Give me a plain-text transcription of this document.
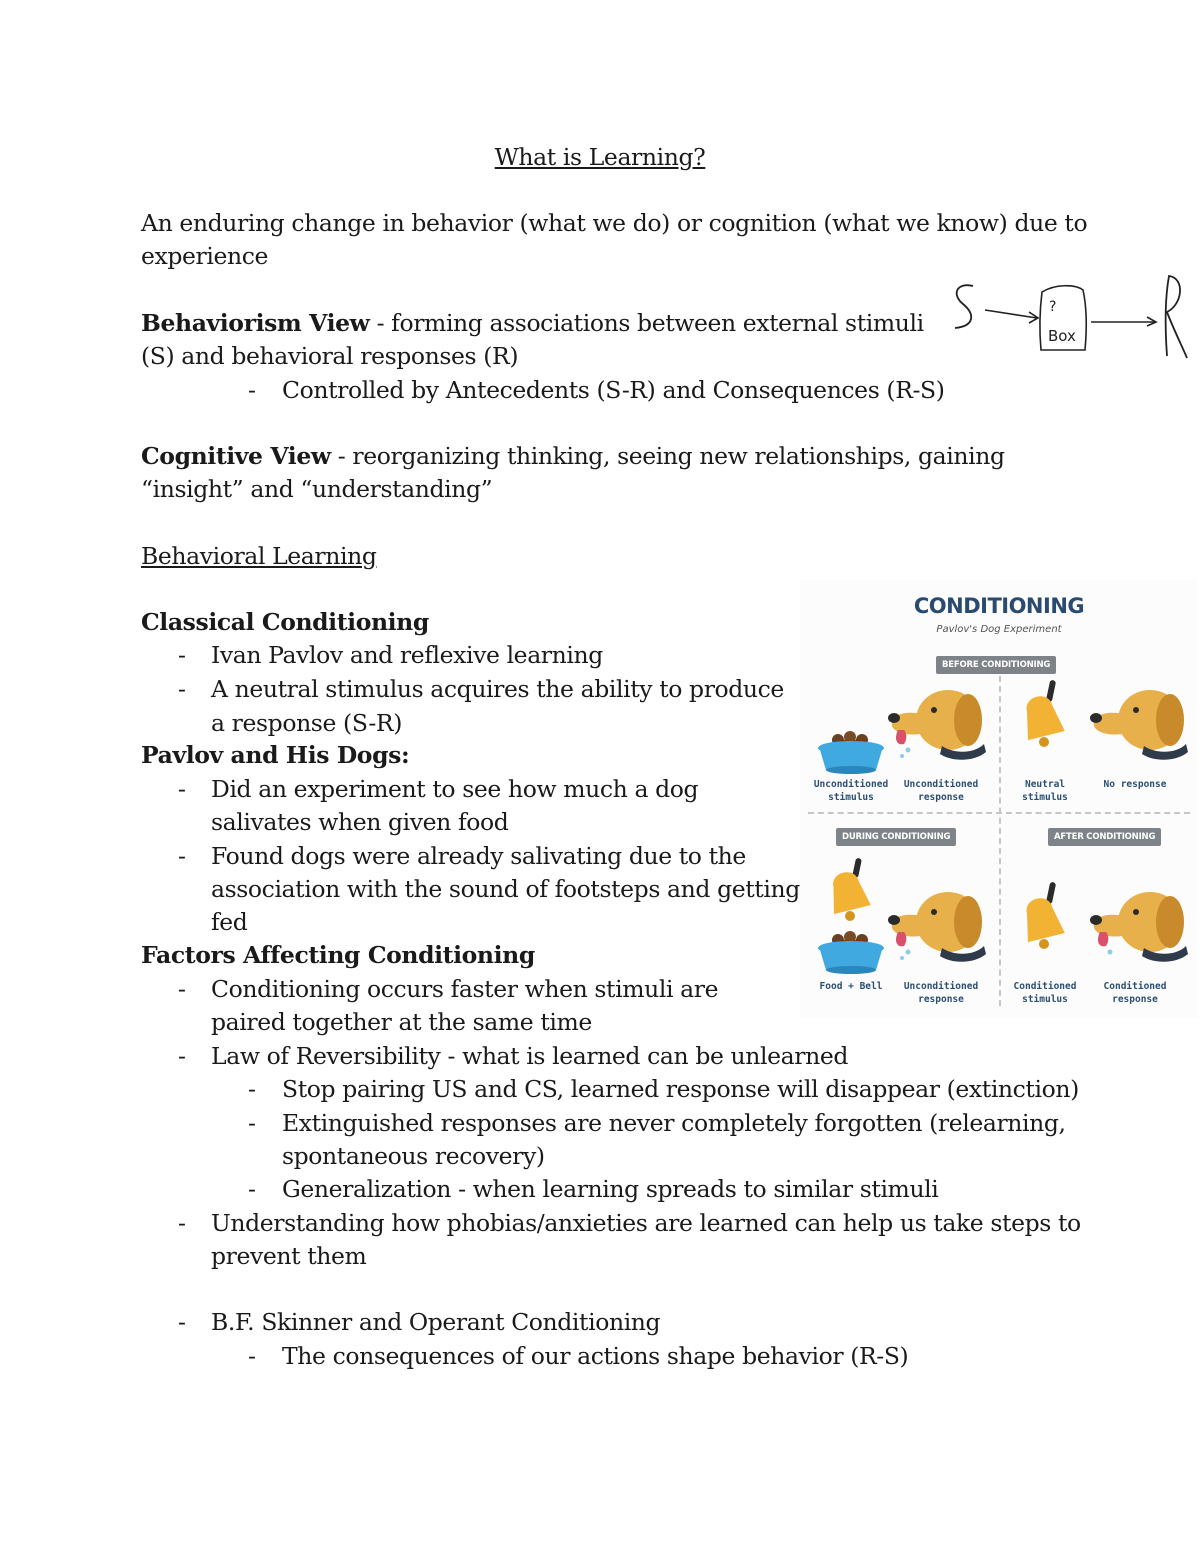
What is Learning?
An enduring change in behavior (what we do) or cognition (what we know) due to
experience
Behaviorism View - forming associations between external stimuli
(S) and behavioral responses (R)
- Controlled by Antecedents (S-R) and Consequences (R-S)
?
Box
Cognitive View - reorganizing thinking, seeing new relationships, gaining
“insight” and “understanding”
Behavioral Learning
Classical Conditioning
- Ivan Pavlov and reflexive learning
- A neutral stimulus acquires the ability to produce
a response (S-R)
Pavlov and His Dogs:
- Did an experiment to see how much a dog
salivates when given food
- Found dogs were already salivating due to the
association with the sound of footsteps and getting
fed
Factors Affecting Conditioning
- Conditioning occurs faster when stimuli are
paired together at the same time
- Law of Reversibility - what is learned can be unlearned
- Stop pairing US and CS, learned response will disappear (extinction)
- Extinguished responses are never completely forgotten (relearning,
spontaneous recovery)
- Generalization - when learning spreads to similar stimuli
- Understanding how phobias/anxieties are learned can help us take steps to
prevent them
- B.F. Skinner and Operant Conditioning
- The consequences of our actions shape behavior (R-S)
CONDITIONING
Pavlov's Dog Experiment
BEFORE CONDITIONING
DURING CONDITIONING	AFTER CONDITIONING
Unconditioned stimulus
Unconditioned response
Neutral stimulus
No response
Food + Bell	Unconditioned response
Conditioned stimulus
Conditioned response
